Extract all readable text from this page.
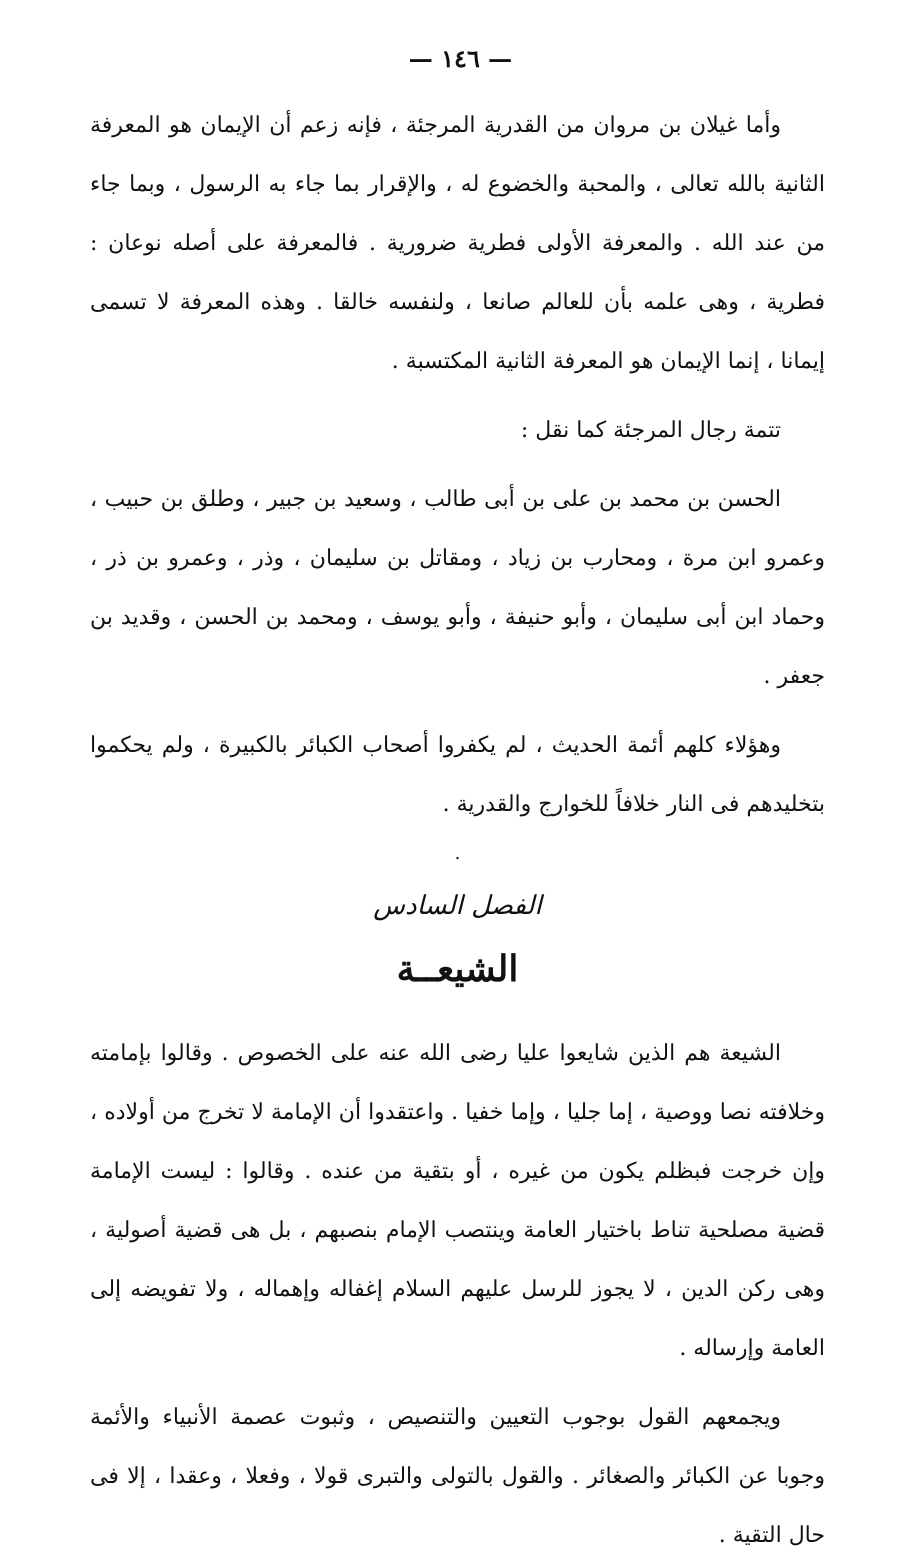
— ١٤٦ —

وأما غيلان بن مروان من القدرية المرجئة ، فإنه زعم أن الإيمان هو المعرفة الثانية بالله تعالى ، والمحبة والخضوع له ، والإقرار بما جاء به الرسول ، وبما جاء من عند الله . والمعرفة الأولى فطرية ضرورية . فالمعرفة على أصله نوعان : فطرية ، وهى علمه بأن للعالم صانعا ، ولنفسه خالقا . وهذه المعرفة لا تسمى إيمانا ، إنما الإيمان هو المعرفة الثانية المكتسبة .

تتمة رجال المرجئة كما نقل :

الحسن بن محمد بن على بن أبى طالب ، وسعيد بن جبير ، وطلق بن حبيب ، وعمرو ابن مرة ، ومحارب بن زياد ، ومقاتل بن سليمان ، وذر ، وعمرو بن ذر ، وحماد ابن أبى سليمان ، وأبو حنيفة ، وأبو يوسف ، ومحمد بن الحسن ، وقديد بن جعفر .

وهؤلاء كلهم أئمة الحديث ، لم يكفروا أصحاب الكبائر بالكبيرة ، ولم يحكموا بتخليدهم فى النار خلافاً للخوارج والقدرية .

.
الفصل السادس
الشيعــة

الشيعة هم الذين شايعوا عليا رضى الله عنه على الخصوص . وقالوا بإمامته وخلافته نصا ووصية ، إما جليا ، وإما خفيا . واعتقدوا أن الإمامة لا تخرج من أولاده ، وإن خرجت فبظلم يكون من غيره ، أو بتقية من عنده . وقالوا : ليست الإمامة قضية مصلحية تناط باختيار العامة وينتصب الإمام بنصبهم ، بل هى قضية أصولية ، وهى ركن الدين ، لا يجوز للرسل عليهم السلام إغفاله وإهماله ، ولا تفويضه إلى العامة وإرساله .

ويجمعهم القول بوجوب التعيين والتنصيص ، وثبوت عصمة الأنبياء والأئمة وجوبا عن الكبائر والصغائر . والقول بالتولى والتبرى قولا ، وفعلا ، وعقدا ، إلا فى حال التقية .
